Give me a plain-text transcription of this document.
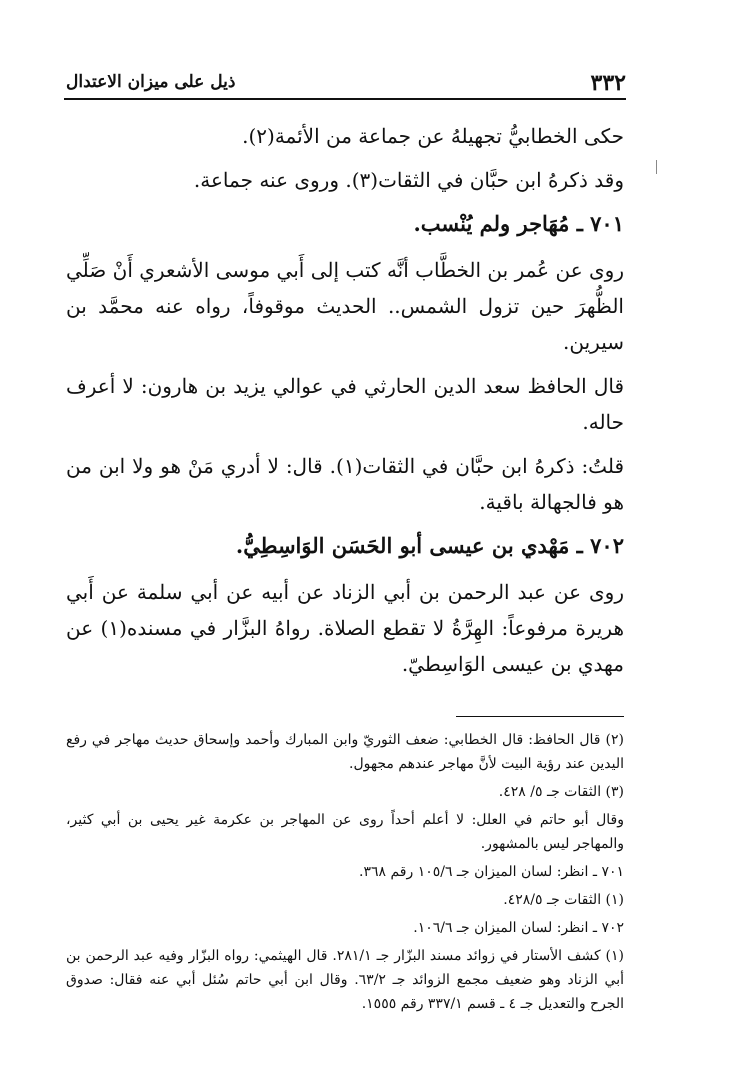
٣٣٢
ذيل على ميزان الاعتدال

حكى الخطابيُّ تجهيلهُ عن جماعة من الأئمة(٢).

وقد ذكرهُ ابن حبَّان في الثقات(٣). وروى عنه جماعة.

٧٠١ ـ مُهَاجر ولم يُنْسب.

روى عن عُمر بن الخطَّاب أنَّه كتب إلى أَبي موسى الأشعري أَنْ صَلِّي الظُّهرَ حين تزول الشمس.. الحديث موقوفاً، رواه عنه محمَّد بن سيرين.

قال الحافظ سعد الدين الحارثي في عوالي يزيد بن هارون: لا أعرف حاله.

قلتُ: ذكرهُ ابن حبَّان في الثقات(١). قال: لا أدري مَنْ هو ولا ابن من هو فالجهالة باقية.

٧٠٢ ـ مَهْدي بن عيسى أبو الحَسَن الوَاسِطِيُّ.

روى عن عبد الرحمن بن أبي الزناد عن أبيه عن أبي سلمة عن أَبي هريرة مرفوعاً: الهِرَّةُ لا تقطع الصلاة. رواهُ البزَّار في مسنده(١) عن مهدي بن عيسى الوَاسِطيّ.

(٢) قال الحافظ: قال الخطابي: ضعف الثوريّ وابن المبارك وأحمد وإسحاق حديث مهاجر في رفع اليدين عند رؤية البيت لأنَّ مهاجر عندهم مجهول.

(٣) الثقات جـ ٥/ ٤٢٨.

وقال أبو حاتم في العلل: لا أعلم أحداً روى عن المهاجر بن عكرمة غير يحيى بن أبي كثير، والمهاجر ليس بالمشهور.

٧٠١ ـ انظر: لسان الميزان جـ ١٠٥/٦ رقم ٣٦٨.

(١) الثقات جـ ٤٢٨/٥.

٧٠٢ ـ انظر: لسان الميزان جـ ١٠٦/٦.

(١) كشف الأستار في زوائد مسند البزّار جـ ٢٨١/١. قال الهيثمي: رواه البزّار وفيه عبد الرحمن بن أبي الزناد وهو ضعيف مجمع الزوائد جـ ٦٣/٢. وقال ابن أبي حاتم سُئل أبي عنه فقال: صدوق الجرح والتعديل جـ ٤ ـ قسم ٣٣٧/١ رقم ١٥٥٥.
